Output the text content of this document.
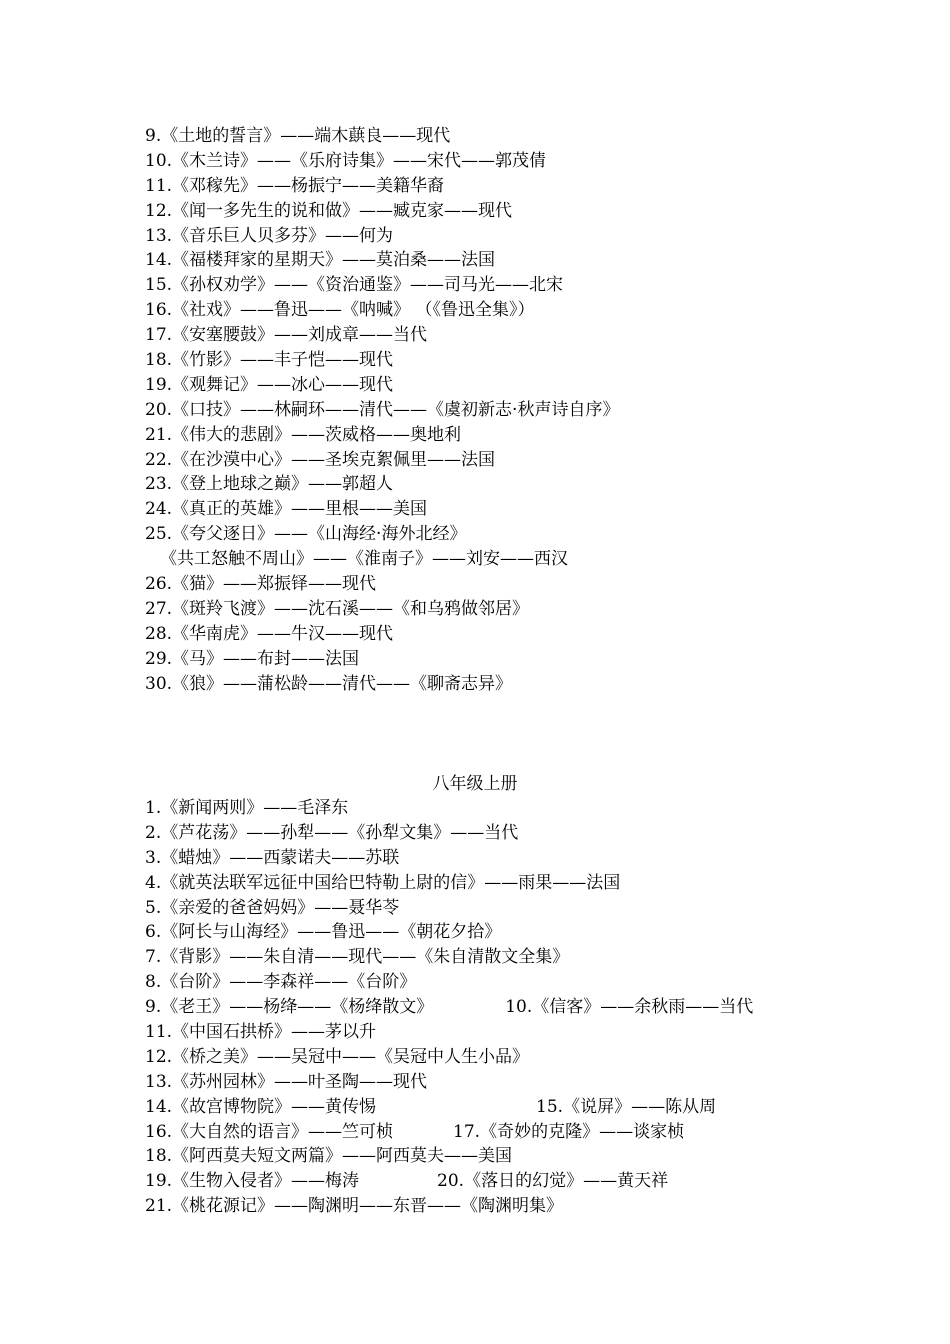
9.《土地的誓言》——端木蕻良——现代
10.《木兰诗》——《乐府诗集》——宋代——郭茂倩
11.《邓稼先》——杨振宁——美籍华裔
12.《闻一多先生的说和做》——臧克家——现代
13.《音乐巨人贝多芬》——何为
14.《福楼拜家的星期天》——莫泊桑——法国
15.《孙权劝学》——《资治通鉴》——司马光——北宋
16.《社戏》——鲁迅——《呐喊》 （《鲁迅全集》）
17.《安塞腰鼓》——刘成章——当代
18.《竹影》——丰子恺——现代
19.《观舞记》——冰心——现代
20.《口技》——林嗣环——清代——《虞初新志·秋声诗自序》
21.《伟大的悲剧》——茨威格——奥地利
22.《在沙漠中心》——圣埃克絮佩里——法国
23.《登上地球之巅》——郭超人
24.《真正的英雄》——里根——美国
25.《夸父逐日》——《山海经·海外北经》
《共工怒触不周山》——《淮南子》——刘安——西汉
26.《猫》——郑振铎——现代
27.《斑羚飞渡》——沈石溪——《和乌鸦做邻居》
28.《华南虎》——牛汉——现代
29.《马》——布封——法国
30.《狼》——蒲松龄——清代——《聊斋志异》
八年级上册
1.《新闻两则》——毛泽东
2.《芦花荡》——孙犁——《孙犁文集》——当代
3.《蜡烛》——西蒙诺夫——苏联
4.《就英法联军远征中国给巴特勒上尉的信》——雨果——法国
5.《亲爱的爸爸妈妈》——聂华苓
6.《阿长与山海经》——鲁迅——《朝花夕拾》
7.《背影》——朱自清——现代——《朱自清散文全集》
8.《台阶》——李森祥——《台阶》
9.《老王》——杨绛——《杨绛散文》	10.《信客》——余秋雨——当代
11.《中国石拱桥》——茅以升
12.《桥之美》——吴冠中——《吴冠中人生小品》
13.《苏州园林》——叶圣陶——现代
14.《故宫博物院》——黄传惕	15.《说屏》——陈从周
16.《大自然的语言》——竺可桢	17.《奇妙的克隆》——谈家桢
18.《阿西莫夫短文两篇》——阿西莫夫——美国
19.《生物入侵者》——梅涛	20.《落日的幻觉》——黄天祥
21.《桃花源记》——陶渊明——东晋——《陶渊明集》
